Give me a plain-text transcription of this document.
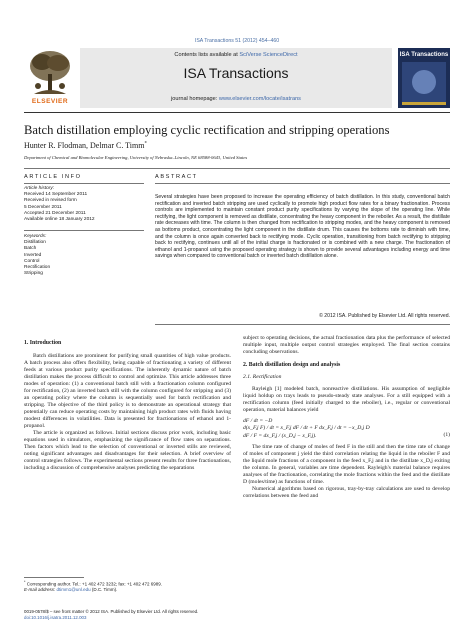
ISA Transactions 51 (2012) 454–460
ELSEVIER
Contents lists available at SciVerse ScienceDirect
ISA Transactions
journal homepage: www.elsevier.com/locate/isatrans
ISA Transactions
Batch distillation employing cyclic rectification and stripping operations
Hunter R. Flodman, Delmar C. Timm*
Department of Chemical and Biomolecular Engineering, University of Nebraska–Lincoln, NE 68588-0643, United States
ARTICLE INFO
Article history:
Received 14 September 2011
Received in revised form
5 December 2011
Accepted 21 December 2011
Available online 18 January 2012
Keywords:
Distillation
Batch
Inverted
Control
Rectification
Stripping
ABSTRACT
Several strategies have been proposed to increase the operating efficiency of batch distillation. In this study, conventional batch rectification and inverted batch stripping are used cyclically to promote high product flow rates for a binary fractionation. Process controls are implemented to maintain constant product purity specifications by varying the slope of the operating line. While rectifying, the light component is removed as distillate, concentrating the heavy component in the reboiler. As a result, the distillate rate decreases with time. The column is then changed from rectification to stripping modes, and the heavy component is removed as bottoms product, concentrating the light component in the distillate drum. This causes the bottoms rate to diminish with time, and the column is once again converted back to rectifying mode. Cyclic operation, transitioning from batch rectifying to stripping back to rectifying, continues until all of the initial charge is fractionated or is combined with a new charge. The fractionation of ethanol and 1-propanol using the proposed operating strategy is shown to provide several advantages including energy and time savings when compared to conventional batch or inverted batch distillation alone.
© 2012 ISA. Published by Elsevier Ltd. All rights reserved.
1. Introduction

Batch distillations are prominent for purifying small quantities of high value products. A batch process also offers flexibility, being capable of fractionating a variety of different feeds at various product purity specifications. The inherently dynamic nature of batch distillation makes the process difficult to control and optimize. This article addresses three modes of operation: (1) a conventional batch still with a fractionation column configured for rectification, (2) an inverted batch still with the column configured for stripping and (3) an operating policy where the column is sequentially used for batch rectification and stripping. The objective of the third policy is to demonstrate an operational strategy that potentially can reduce operating costs by maintaining high product rates with fluids having modest differences in volatilities. Data is presented for fractionations of ethanol and 1-propanol.

The article is organized as follows. Initial sections discuss prior work, including basic equations used in simulators, emphasizing the significance of flow rates on separations. Then factors which lead to the selection of conventional or inverted stills are reviewed, noting significant advantages and disadvantages for their selection. A brief overview of control strategies follows. The experimental sections present results for three fractionations, including a discussion of comprehensive analyses predicting the separations

subject to operating decisions, the actual fractionation data plus the performance of selected multiple input, multiple output control strategies employed. The final section contains concluding observations.

2. Batch distillation design and analysis
2.1. Rectification

Rayleigh [1] modeled batch, nonreactive distillations. His assumption of negligible liquid holdup on trays leads to pseudo-steady state analyses. For a still equipped with a rectification column (feed initially charged to the reboiler), i.e., regular or conventional operation, material balances yield

dF / dt = −D
d(x_F,j F) / dt = x_F,j dF / dt + F dx_F,j / dt = −x_D,j D
dF / F = dx_F,j / (x_D,j − x_F,j).	(1)

The time rate of change of moles of feed F in the still and then the time rate of change of moles of component j yield the third correlation relating the liquid in the reboiler F and the liquid mole fractions of a component in the feed x_F,j and in the distillate x_D,j exiting the column. In general, variables are time dependent. Rayleigh's material balance requires analyses of the fractionation, correlating the mole fractions within the feed and the distillate D (moles/time) as functions of time.

Numerical algorithms based on rigorous, tray-by-tray calculations are used to develop correlations between the feed and

* Corresponding author. Tel.: +1 402 472 3232; fax: +1 402 472 6989.
E-mail address: dtimm1@unl.edu (D.C. Timm).
0019-0578/$ – see front matter © 2012 ISA. Published by Elsevier Ltd. All rights reserved.
doi:10.1016/j.isatra.2011.12.003
